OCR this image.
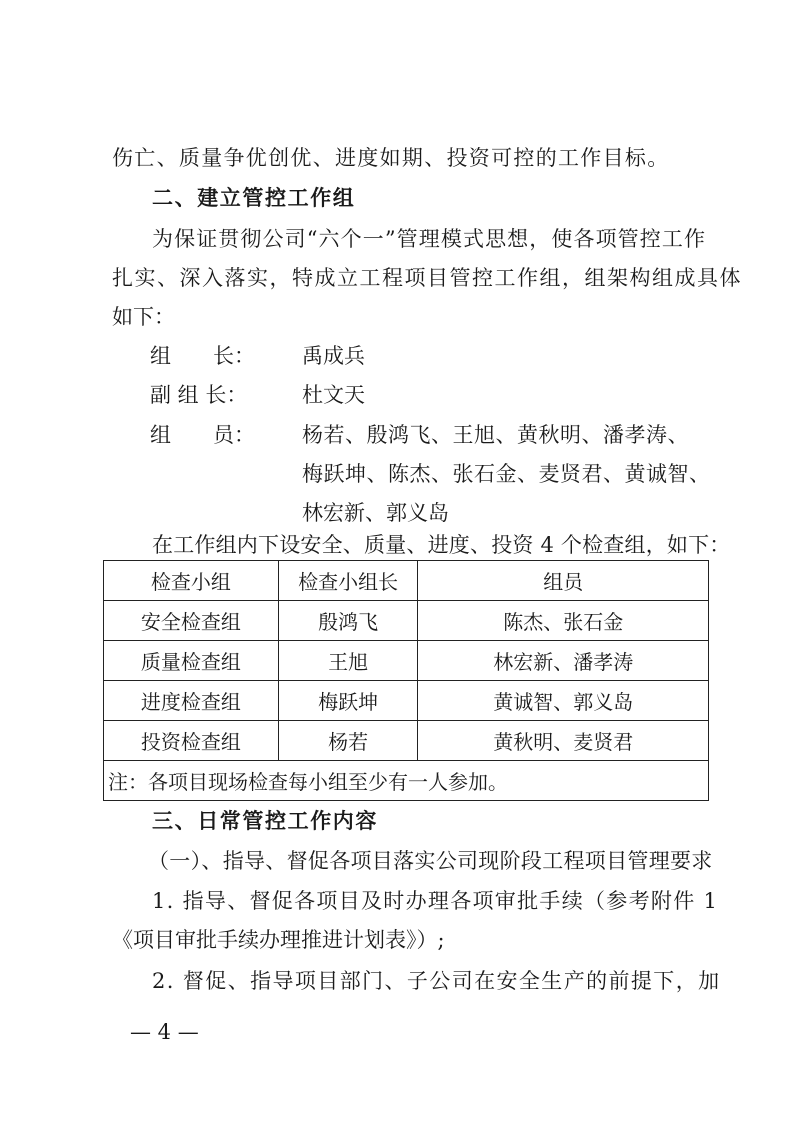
伤亡、质量争优创优、进度如期、投资可控的工作目标。
二、建立管控工作组
为保证贯彻公司“六个一”管理模式思想，使各项管控工作
扎实、深入落实，特成立工程项目管控工作组，组架构组成具体
如下：
组　　长： 禹成兵
副 组 长：	杜文天
组　　员： 杨若、殷鸿飞、王旭、黄秋明、潘孝涛、
梅跃坤、陈杰、张石金、麦贤君、黄诚智、
林宏新、郭义岛
在工作组内下设安全、质量、进度、投资 4 个检查组，如下：
检查小组	检查小组长	组员
安全检查组	殷鸿飞	陈杰、张石金
质量检查组	王旭	林宏新、潘孝涛
进度检查组	梅跃坤	黄诚智、郭义岛
投资检查组	杨若	黄秋明、麦贤君
注：各项目现场检查每小组至少有一人参加。		
三、日常管控工作内容
（一）、指导、督促各项目落实公司现阶段工程项目管理要求
1. 指导、督促各项目及时办理各项审批手续（参考附件 1
《项目审批手续办理推进计划表》）;
2. 督促、指导项目部门、子公司在安全生产的前提下，加
— 4 —
